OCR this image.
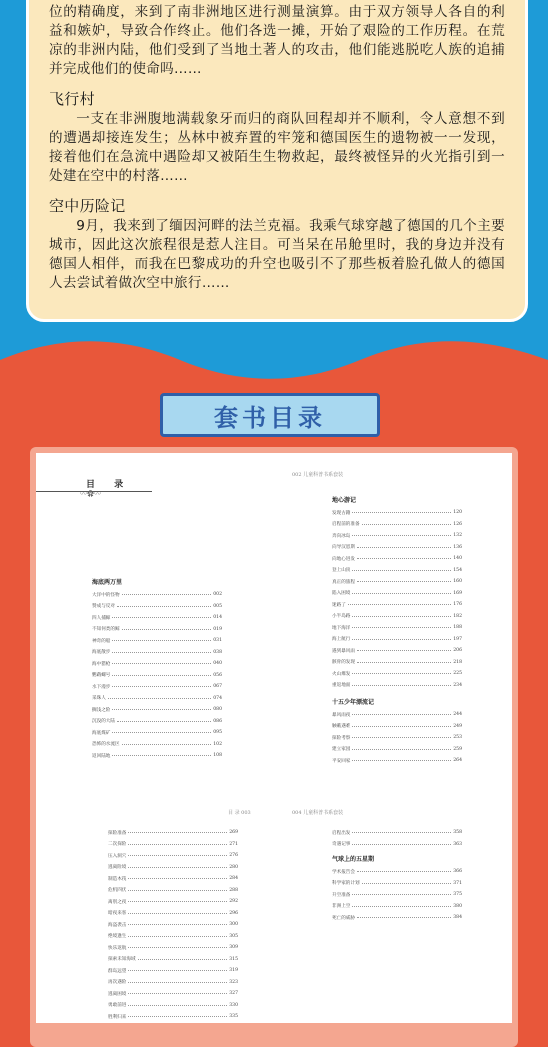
位的精确度，来到了南非洲地区进行测量演算。由于双方领导人各自的利益和嫉妒，导致合作终止。他们各选一摊，开始了艰险的工作历程。在荒凉的非洲内陆，他们受到了当地土著人的攻击，他们能逃脱吃人族的追捕并完成他们的使命吗……

飞行村

一支在非洲腹地满载象牙而归的商队回程却并不顺利，令人意想不到的遭遇却接连发生；丛林中被弃置的牢笼和德国医生的遗物被一一发现，接着他们在急流中遇险却又被陌生生物救起，最终被怪异的火光指引到一处建在空中的村落……

空中历险记

9月，我来到了缅因河畔的法兰克福。我乘气球穿越了德国的几个主要城市，因此这次旅程很是惹人注目。可当呆在吊舱里时，我的身边并没有德国人相伴，而我在巴黎成功的升空也吸引不了那些板着脸孔做人的德国人去尝试着做次空中旅行……

套书目录
002 儿童科普书系套装
目 录
〰✿〰
海底两万里
大洋中的怪物	002
赞成与反对	005
四人捕鲸	014
不知何类的鲸	019
神奇的船	031
海底散步	038
海中猎枪	040
鹦鹉螺号	056
水下漫步	067
采珠人	074
搁浅之险	080
沉没的大陆	086
海底煤矿	095
恐怖的水流区	102
返回陆地	108
地心游记
发现古籍	120
启程前的准备	126
奔向冰岛	132
向导汉恩斯	136
向地心进发	140
登上山顶	154
真正的旅程	160
陷入困境	169
迷路了	176
小半岛路	182
地下海洋	188
海上航行	197
遇到暴风雨	206
骸骨的发现	218
火山爆发	225
重返地面	234
十五少年漂流记
暴风雨夜	244
触礁遇难	249
探险考察	253
建立家园	259
平安回家	264
目 录 003	004 儿童科普书系套装
探险准备	269
二次探险	271
压入洞穴	276
逃离险境	280
制造木筏	284
危机四伏	288
离别之夜	292
暗夜来客	296
海盗袭击	300
绝境逢生	305
快乐返航	309
探索未知海域	315
群岛远望	319
再次遇险	323
逃离困境	327
勇敢前进	330
胜利归来	335
启程出发	358
奇遇记事	363
气球上的五星期
学术报告会	366
科学家的计划	371
升空准备	375
非洲上空	380
死亡的威胁	384
